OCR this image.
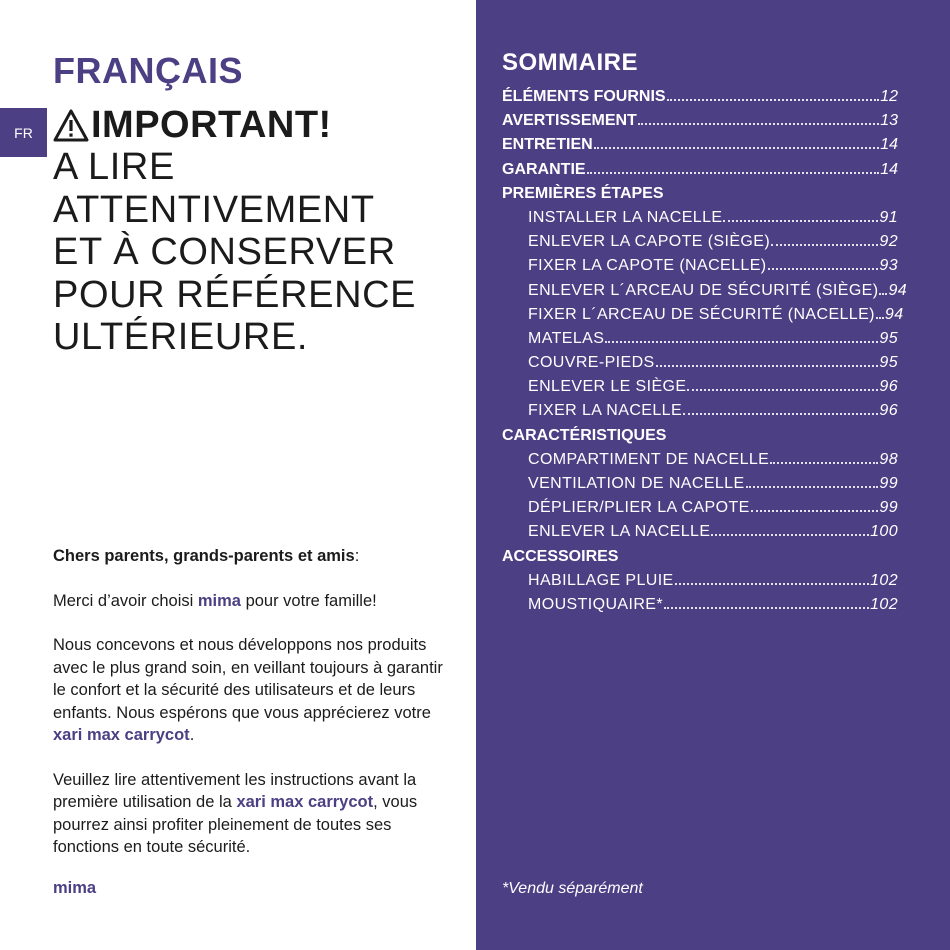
FR
FRANÇAIS
IMPORTANT!
A LIRE
ATTENTIVEMENT
ET À CONSERVER
POUR RÉFÉRENCE
ULTÉRIEURE.
Chers parents, grands-parents et amis:
Merci d’avoir choisi mima pour votre famille!
Nous concevons et nous développons nos produits avec le plus grand soin, en veillant toujours à garantir le confort et la sécurité des utilisateurs et de leurs enfants. Nous espérons que vous apprécierez votre xari max carrycot.
Veuillez lire attentivement les instructions avant la première utilisation de la xari max carrycot, vous pourrez ainsi profiter pleinement de toutes ses fonctions en toute sécurité.
mima
SOMMAIRE
ÉLÉMENTS FOURNIS	12
AVERTISSEMENT	13
ENTRETIEN	14
GARANTIE	14
PREMIÈRES ÉTAPES
INSTALLER LA NACELLE	91
ENLEVER LA CAPOTE (SIÈGE)	92
FIXER LA CAPOTE (NACELLE)	93
ENLEVER L´ARCEAU DE SÉCURITÉ (SIÈGE) 94
FIXER L´ARCEAU DE SÉCURITÉ (NACELLE) 94
MATELAS	95
COUVRE-PIEDS	95
ENLEVER LE SIÈGE	96
FIXER LA NACELLE	96
CARACTÉRISTIQUES
COMPARTIMENT DE NACELLE	98
VENTILATION DE NACELLE	99
DÉPLIER/PLIER LA CAPOTE	99
ENLEVER LA NACELLE	100
ACCESSOIRES
HABILLAGE PLUIE	102
MOUSTIQUAIRE*	102
*Vendu séparément
